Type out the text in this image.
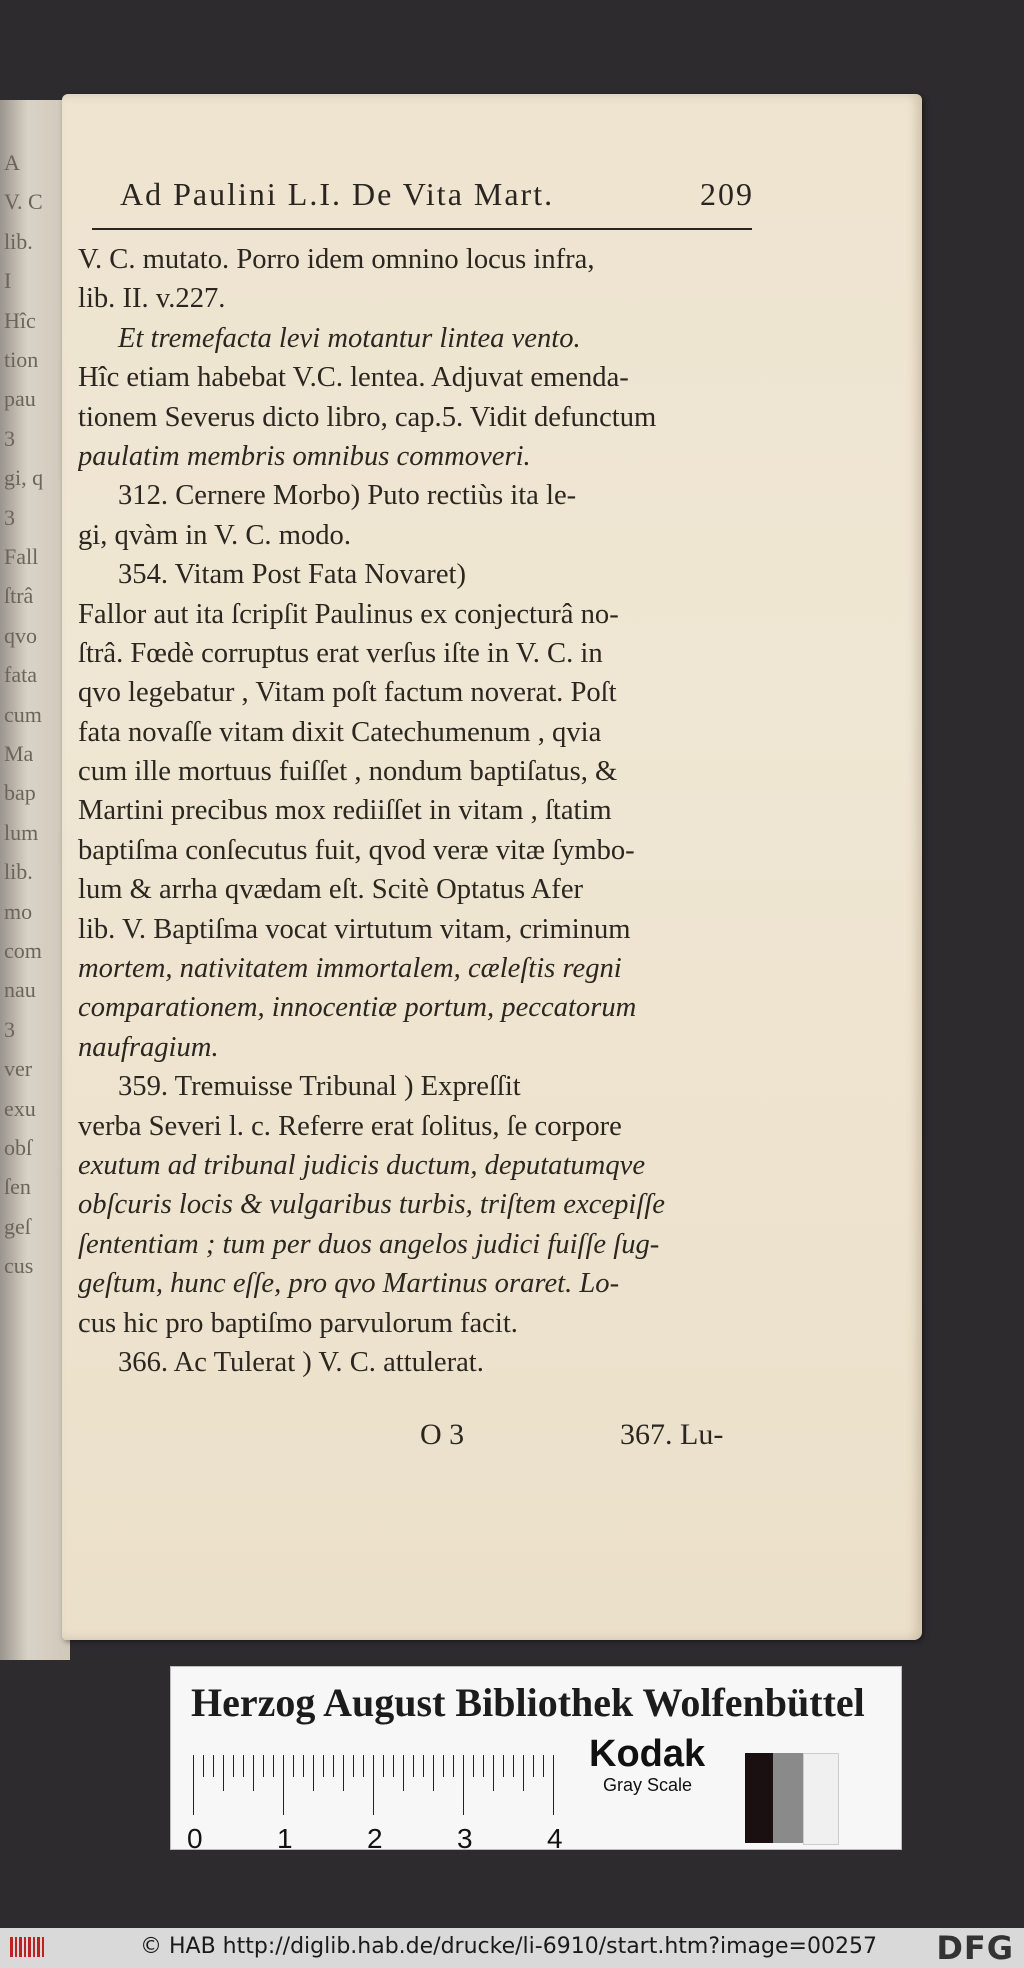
A
V. C
lib.
I
Hîc
tion
pau
3
gi, q
3
Fall
ſtrâ
qvo
fata
cum
Ma
bap
lum
lib.
mo
com
nau
3
ver
exu
obſ
ſen
geſ
cus
Ad Paulini L.I. De Vita Mart.	209
V. C. mutato. Porro idem omnino locus infra,
lib. II. v.227.
Et tremefacta levi motantur lintea vento.
Hîc etiam habebat V.C. lentea. Adjuvat emenda-
tionem Severus dicto libro, cap.5. Vidit defunctum
paulatim membris omnibus commoveri.
312. Cernere Morbo) Puto rectiùs ita le-
gi, qvàm in V. C. modo.
354. Vitam Post Fata Novaret)
Fallor aut ita ſcripſit Paulinus ex conjecturâ no-
ſtrâ. Fœdè corruptus erat verſus iſte in V. C. in
qvo legebatur , Vitam poſt factum noverat. Poſt
fata novaſſe vitam dixit Catechumenum , qvia
cum ille mortuus fuiſſet , nondum baptiſatus, &
Martini precibus mox rediiſſet in vitam , ſtatim
baptiſma conſecutus fuit, qvod veræ vitæ ſymbo-
lum & arrha qvædam eſt. Scitè Optatus Afer
lib. V. Baptiſma vocat virtutum vitam, criminum
mortem, nativitatem immortalem, cæleſtis regni
comparationem, innocentiæ portum, peccatorum
naufragium.
359. Tremuisse Tribunal ) Expreſſit
verba Severi l. c. Referre erat ſolitus, ſe corpore
exutum ad tribunal judicis ductum, deputatumqve
obſcuris locis & vulgaribus turbis, triſtem excepiſſe
ſententiam ; tum per duos angelos judici fuiſſe ſug-
geſtum, hunc eſſe, pro qvo Martinus oraret. Lo-
cus hic pro baptiſmo parvulorum facit.
366. Ac Tulerat ) V. C. attulerat.
O 3	367. Lu-
Herzog August Bibliothek Wolfenbüttel
0	1	2	3	4
Kodak
Gray Scale
© HAB http://diglib.hab.de/drucke/li-6910/start.htm?image=00257 DFG
